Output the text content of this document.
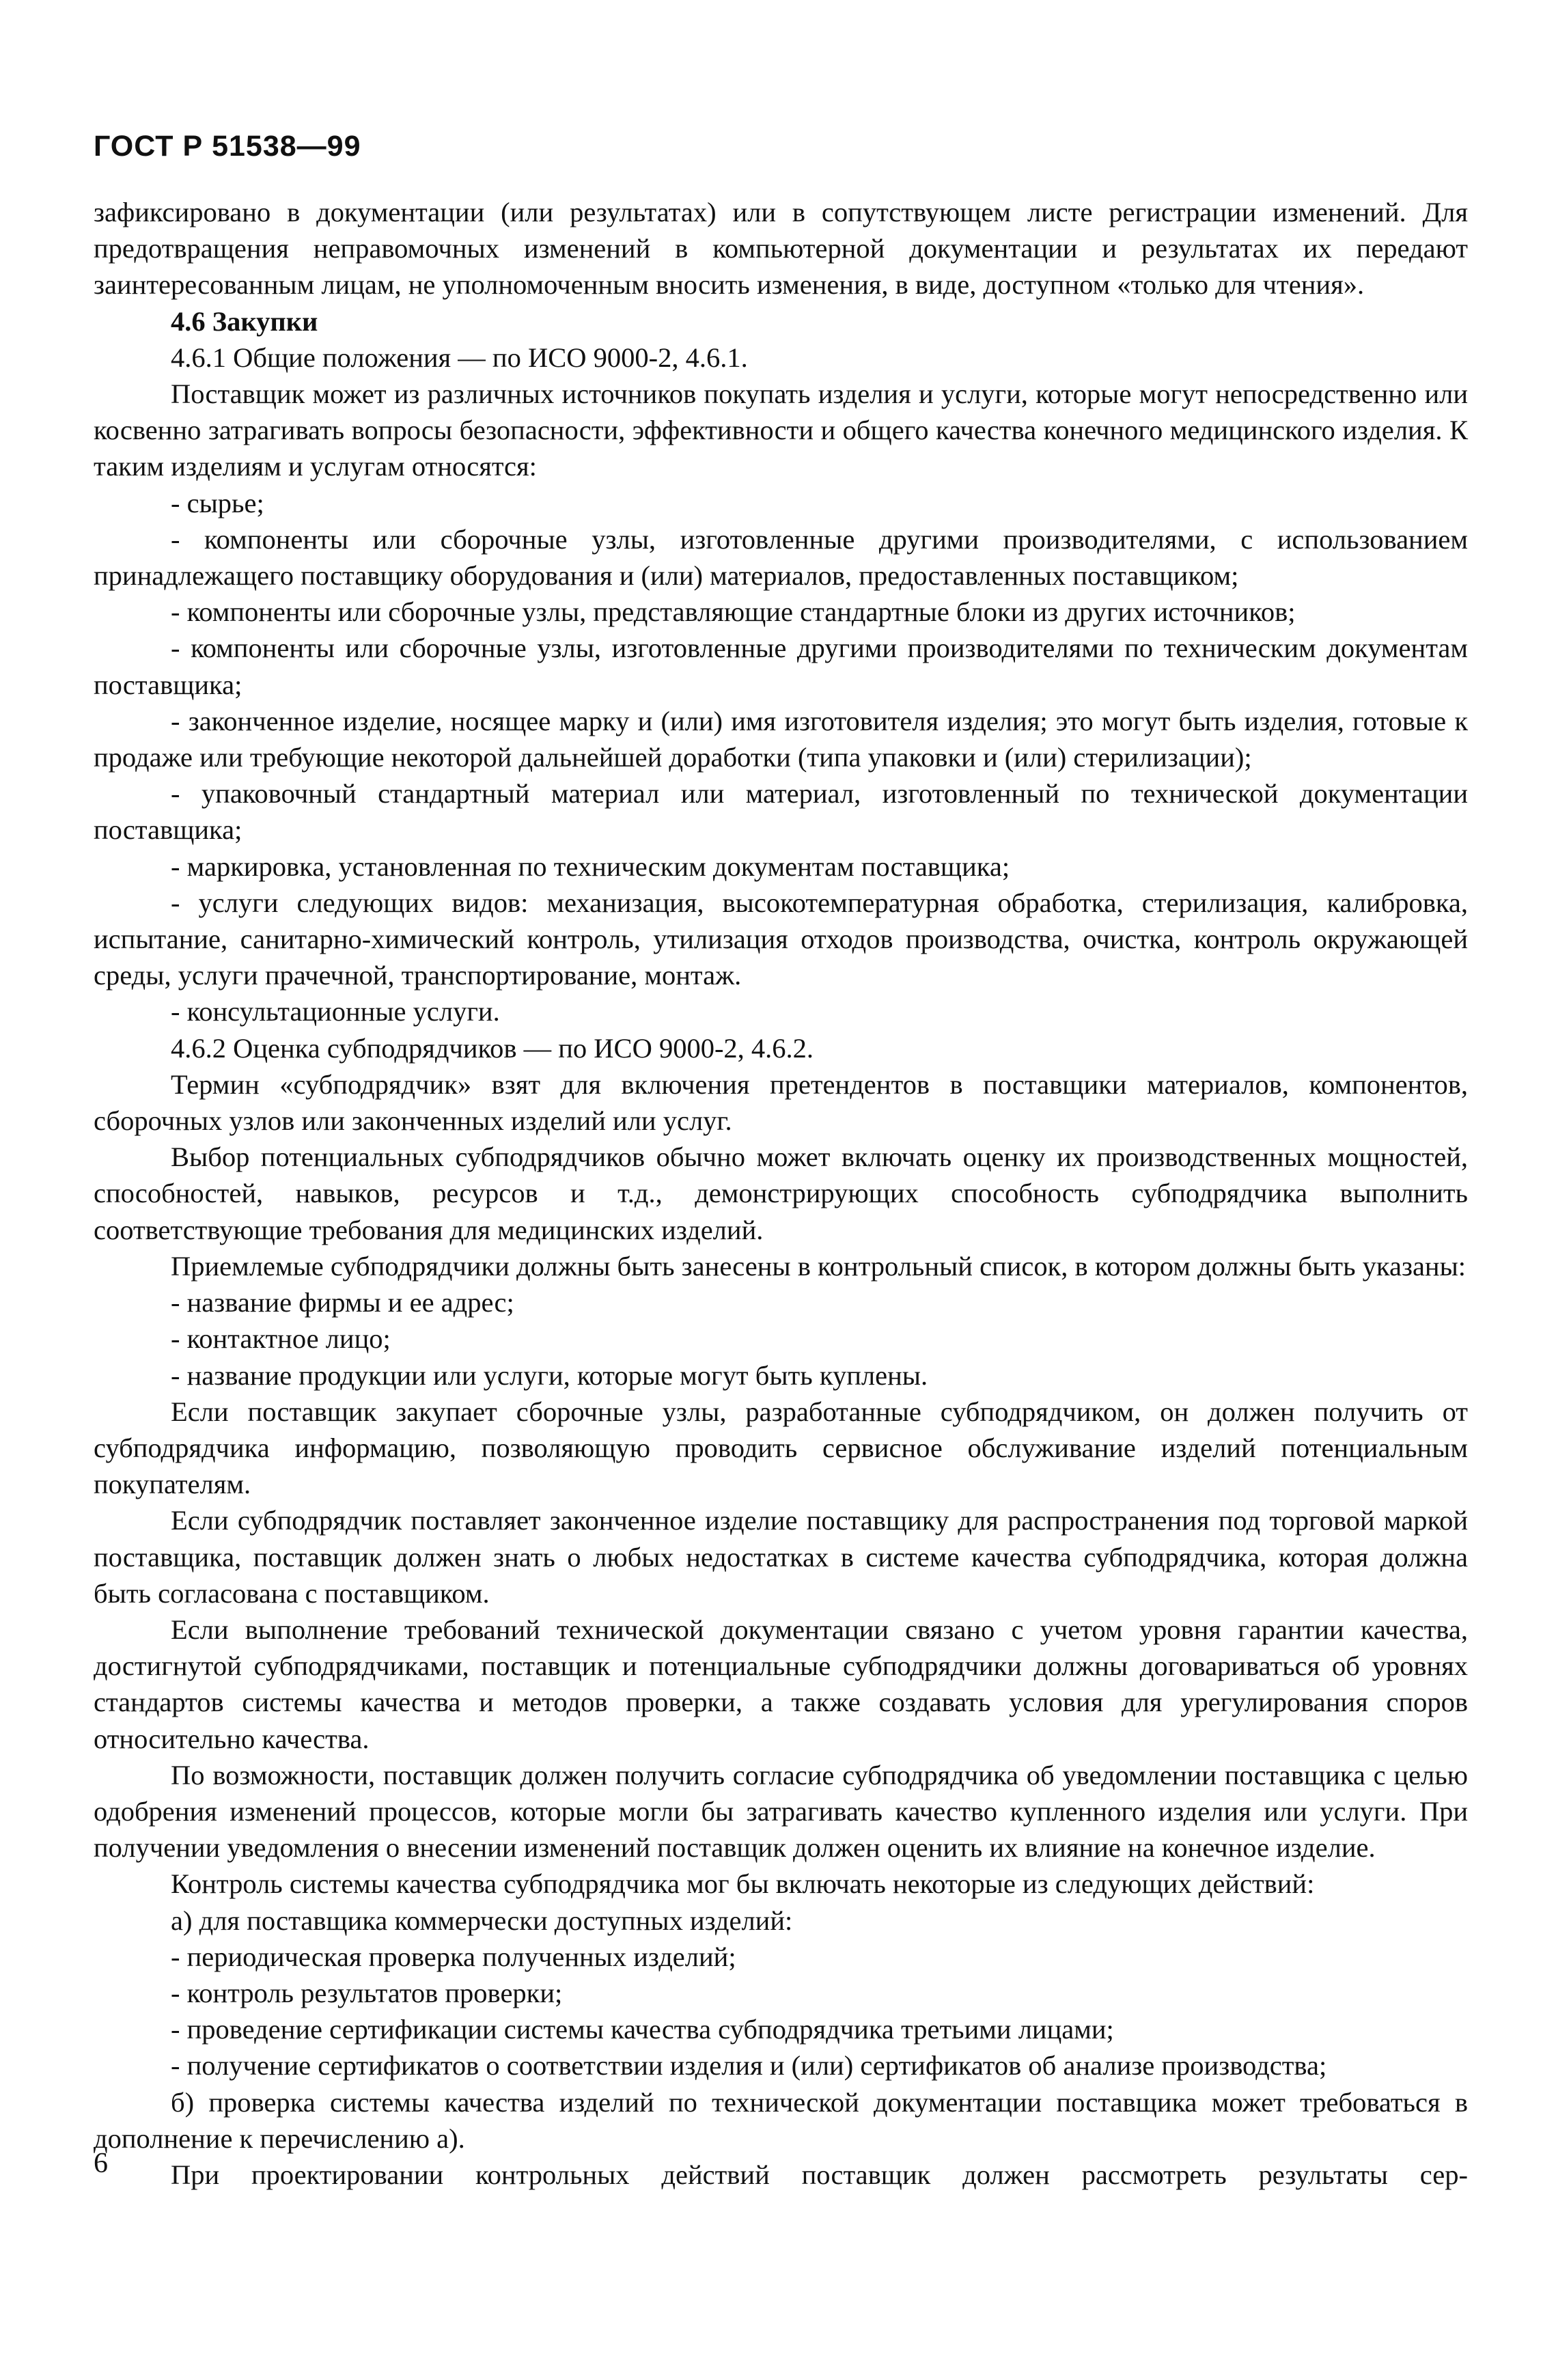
ГОСТ Р 51538—99

зафиксировано в документации (или результатах) или в сопутствующем листе регистрации изменений. Для предотвращения неправомочных изменений в компьютерной документации и результатах их передают заинтересованным лицам, не уполномоченным вносить изменения, в виде, доступном «только для чтения».

4.6 Закупки

4.6.1 Общие положения — по ИСО 9000-2, 4.6.1.

Поставщик может из различных источников покупать изделия и услуги, которые могут непосредственно или косвенно затрагивать вопросы безопасности, эффективности и общего качества конечного медицинского изделия. К таким изделиям и услугам относятся:

- сырье;

- компоненты или сборочные узлы, изготовленные другими производителями, с использованием принадлежащего поставщику оборудования и (или) материалов, предоставленных поставщиком;

- компоненты или сборочные узлы, представляющие стандартные блоки из других источников;

- компоненты или сборочные узлы, изготовленные другими производителями по техническим документам поставщика;

- законченное изделие, носящее марку и (или) имя изготовителя изделия; это могут быть изделия, готовые к продаже или требующие некоторой дальнейшей доработки (типа упаковки и (или) стерилизации);

- упаковочный стандартный материал или материал, изготовленный по технической документации поставщика;

- маркировка, установленная по техническим документам поставщика;

- услуги следующих видов: механизация, высокотемпературная обработка, стерилизация, калибровка, испытание, санитарно-химический контроль, утилизация отходов производства, очистка, контроль окружающей среды, услуги прачечной, транспортирование, монтаж.

- консультационные услуги.

4.6.2 Оценка субподрядчиков — по ИСО 9000-2, 4.6.2.

Термин «субподрядчик» взят для включения претендентов в поставщики материалов, компонентов, сборочных узлов или законченных изделий или услуг.

Выбор потенциальных субподрядчиков обычно может включать оценку их производственных мощностей, способностей, навыков, ресурсов и т.д., демонстрирующих способность субподрядчика выполнить соответствующие требования для медицинских изделий.

Приемлемые субподрядчики должны быть занесены в контрольный список, в котором должны быть указаны:

- название фирмы и ее адрес;

- контактное лицо;

- название продукции или услуги, которые могут быть куплены.

Если поставщик закупает сборочные узлы, разработанные субподрядчиком, он должен получить от субподрядчика информацию, позволяющую проводить сервисное обслуживание изделий потенциальным покупателям.

Если субподрядчик поставляет законченное изделие поставщику для распространения под торговой маркой поставщика, поставщик должен знать о любых недостатках в системе качества субподрядчика, которая должна быть согласована с поставщиком.

Если выполнение требований технической документации связано с учетом уровня гарантии качества, достигнутой субподрядчиками, поставщик и потенциальные субподрядчики должны договариваться об уровнях стандартов системы качества и методов проверки, а также создавать условия для урегулирования споров относительно качества.

По возможности, поставщик должен получить согласие субподрядчика об уведомлении поставщика с целью одобрения изменений процессов, которые могли бы затрагивать качество купленного изделия или услуги. При получении уведомления о внесении изменений поставщик должен оценить их влияние на конечное изделие.

Контроль системы качества субподрядчика мог бы включать некоторые из следующих действий:

а) для поставщика коммерчески доступных изделий:

- периодическая проверка полученных изделий;

- контроль результатов проверки;

- проведение сертификации системы качества субподрядчика третьими лицами;

- получение сертификатов о соответствии изделия и (или) сертификатов об анализе производства;

б) проверка системы качества изделий по технической документации поставщика может требоваться в дополнение к перечислению а).

При проектировании контрольных действий поставщик должен рассмотреть результаты сер-

6
